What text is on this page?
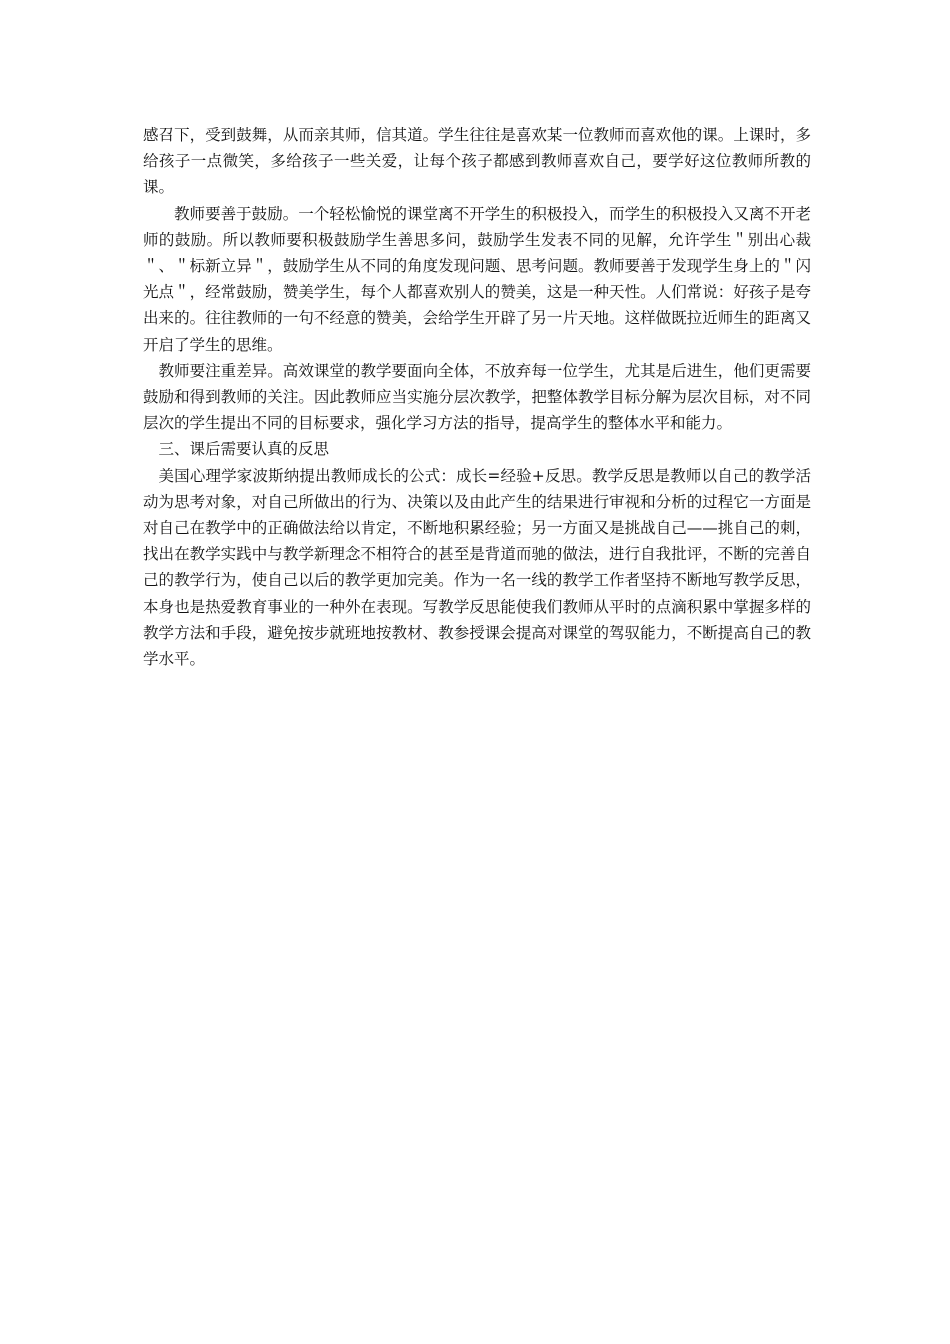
感召下，受到鼓舞，从而亲其师，信其道。学生往往是喜欢某一位教师而喜欢他的课。上课时，多给孩子一点微笑，多给孩子一些关爱，让每个孩子都感到教师喜欢自己，要学好这位教师所教的课。

教师要善于鼓励。一个轻松愉悦的课堂离不开学生的积极投入，而学生的积极投入又离不开老师的鼓励。所以教师要积极鼓励学生善思多问，鼓励学生发表不同的见解，允许学生＂别出心裁＂、＂标新立异＂，鼓励学生从不同的角度发现问题、思考问题。教师要善于发现学生身上的＂闪光点＂，经常鼓励，赞美学生，每个人都喜欢别人的赞美，这是一种天性。人们常说：好孩子是夸出来的。往往教师的一句不经意的赞美，会给学生开辟了另一片天地。这样做既拉近师生的距离又开启了学生的思维。

教师要注重差异。高效课堂的教学要面向全体，不放弃每一位学生，尤其是后进生，他们更需要鼓励和得到教师的关注。因此教师应当实施分层次教学，把整体教学目标分解为层次目标，对不同层次的学生提出不同的目标要求，强化学习方法的指导，提高学生的整体水平和能力。

三、课后需要认真的反思

美国心理学家波斯纳提出教师成长的公式：成长=经验+反思。教学反思是教师以自己的教学活动为思考对象，对自己所做出的行为、决策以及由此产生的结果进行审视和分析的过程它一方面是对自己在教学中的正确做法给以肯定，不断地积累经验；另一方面又是挑战自己——挑自己的刺，找出在教学实践中与教学新理念不相符合的甚至是背道而驰的做法，进行自我批评，不断的完善自己的教学行为，使自己以后的教学更加完美。作为一名一线的教学工作者坚持不断地写教学反思，本身也是热爱教育事业的一种外在表现。写教学反思能使我们教师从平时的点滴积累中掌握多样的教学方法和手段，避免按步就班地按教材、教参授课会提高对课堂的驾驭能力，不断提高自己的教学水平。
